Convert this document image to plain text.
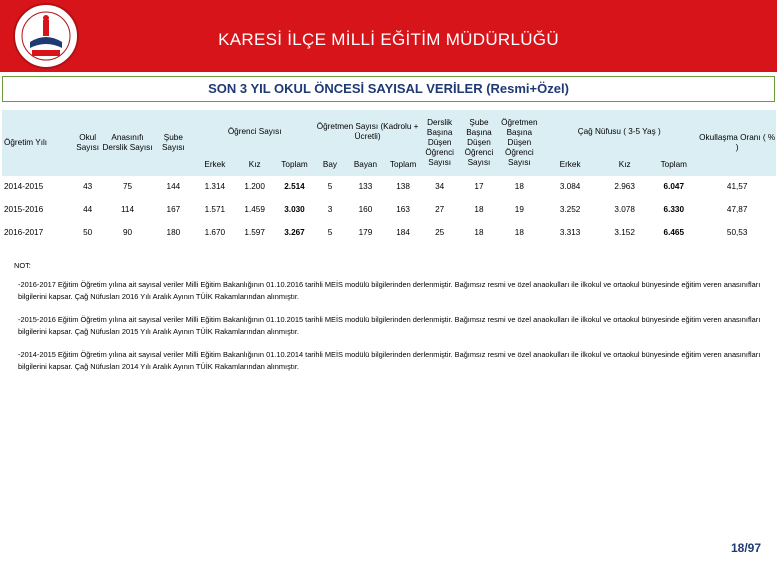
KARESİ İLÇE MİLLİ EĞİTİM MÜDÜRLÜĞÜ
SON 3 YIL OKUL ÖNCESİ SAYISAL VERİLER (Resmi+Özel)
Öğretim Yılı	Okul Sayısı	Anasınıfı Derslik Sayısı	Şube Sayısı	Öğrenci Sayısı			Öğretmen Sayısı (Kadrolu + Ücretli)			Derslik Başına Düşen Öğrenci Sayısı	Şube Başına Düşen Öğrenci Sayısı	Öğretmen Başına Düşen Öğrenci Sayısı	Çağ Nüfusu ( 3-5 Yaş )			Okullaşma Oranı ( % )
				Erkek	Kız	Toplam	Bay	Bayan	Toplam				Erkek	Kız	Toplam	
2014-2015	43	75	144	1.314	1.200	2.514	5	133	138	34	17	18	3.084	2.963	6.047	41,57
2015-2016	44	114	167	1.571	1.459	3.030	3	160	163	27	18	19	3.252	3.078	6.330	47,87
2016-2017	50	90	180	1.670	1.597	3.267	5	179	184	25	18	18	3.313	3.152	6.465	50,53
NOT:
-2016-2017 Eğitim Öğretim yılına ait sayısal veriler Milli Eğitim Bakanlığının 01.10.2016 tarihli MEİS modülü bilgilerinden derlenmiştir. Bağımsız resmi ve özel anaokulları ile ilkokul ve ortaokul bünyesinde eğitim veren anasınıfları bilgilerini kapsar. Çağ Nüfusları 2016 Yılı Aralık Ayının TÜİK Rakamlarından alınmıştır.
-2015-2016 Eğitim Öğretim yılına ait sayısal veriler Milli Eğitim Bakanlığının 01.10.2015 tarihli MEİS modülü bilgilerinden derlenmiştir. Bağımsız resmi ve özel anaokulları ile ilkokul ve ortaokul bünyesinde eğitim veren anasınıfları bilgilerini kapsar. Çağ Nüfusları 2015 Yılı Aralık Ayının TÜİK Rakamlarından alınmıştır.
-2014-2015 Eğitim Öğretim yılına ait sayısal veriler Milli Eğitim Bakanlığının 01.10.2014 tarihli MEİS modülü bilgilerinden derlenmiştir. Bağımsız resmi ve özel anaokulları ile ilkokul ve ortaokul bünyesinde eğitim veren anasınıfları bilgilerini kapsar. Çağ Nüfusları 2014 Yılı Aralık Ayının TÜİK Rakamlarından alınmıştır.
18/97
